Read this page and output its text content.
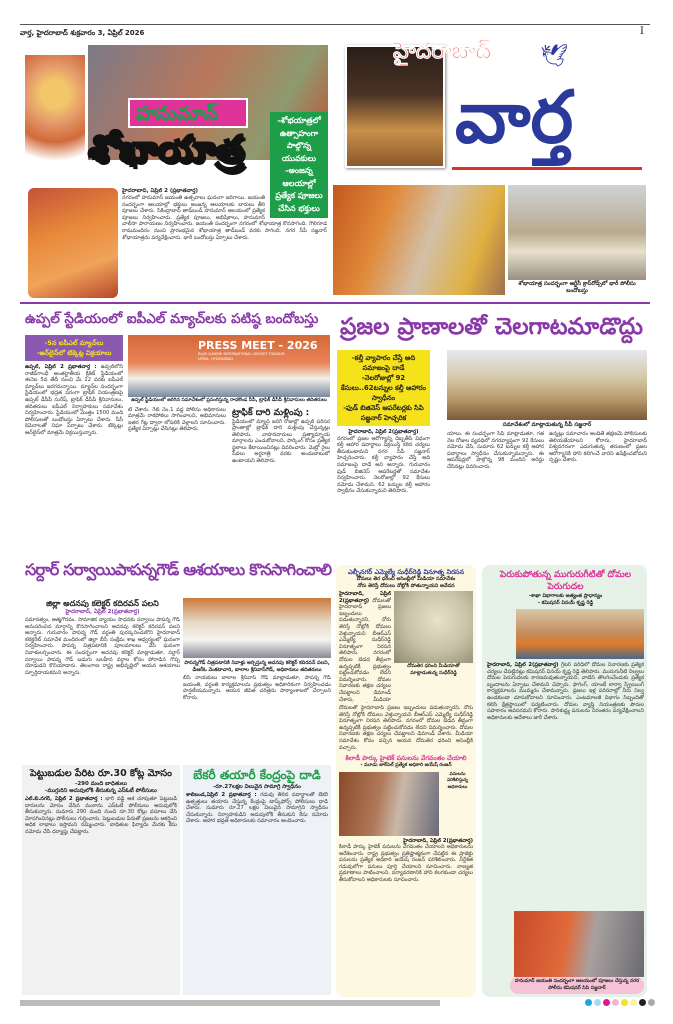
వార్త, హైదరాబాద్ శుక్రవారం 3, ఏప్రిల్ 2026	I
హనుమాన్
శోభాయాత్ర
-శోభయాత్రలో ఉత్సాహంగా పాల్గొన్న యువకులు
-అంజన్న ఆలయాల్లో ప్రత్యేక పూజలు చేసిన భక్తులు
హైదరాబాద్, ఏప్రిల్ 2 (ప్రభాతవార్త)
నగరంలో హనుమాన్ జయంతి ఉత్సవాలు ఘనంగా జరిగాయి. జయంతి సందర్భంగా ఆలయాల్లో భక్తులు అంజన్న ఆలయాలకు బారులు తీరి పూజలు చేశారు. సికింద్రాబాద్ తాడ్‌బండ్ హనుమాన్ ఆలయంలో ప్రత్యేక పూజలు నిర్వహించారు. ప్రత్యేక పూజలు, అభిషేకాలు, హనుమాన్ చాలీసా పారాయణం నిర్వహించారు. జయంతి సందర్భంగా నగరంలో శోభాయాత్ర కొనసాగింది. గౌలిగూడ రామమందిరం నుంచి ప్రారంభమైన శోభాయాత్ర తాడ్‌బండ్ వరకు సాగింది. నగర సీపీ సజ్జనార్ శోభాయాత్రను పర్యవేక్షించారు. భారీ బందోబస్తు ఏర్పాటు చేశారు.
హైదరాబాద్	🕊
వార్త
శోభాయాత్ర సందర్భంగా ఆర్టీసీ క్రాస్‌రోడ్స్‌లో భారీ పోలీసు బందోబస్తు
ఉప్పల్ స్టేడియంలో ఐపీఎల్ మ్యాచ్‌లకు పటిష్ఠ బందోబస్తు
-5న ఐపీఎల్ మ్యాచ్‌లు
-ఆన్‌లైన్‌లో టిక్కెట్ల విక్రయాలు
ఉప్పల్, ఏప్రిల్ 2 ప్రభాతవార్త : ఉప్పల్‌లోని రాజీవ్‌గాంధీ అంతర్జాతీయ క్రికెట్ స్టేడియంలో ఈనెల 5వ తేదీ నుంచి మే 22 వరకు ఐపీఎల్ మ్యాచ్‌లు జరగనున్నాయి. మ్యాచ్‌ల సందర్భంగా స్టేడియంలో భద్రత పరంగా ట్రాఫిక్ నియంత్రణపై ఉప్పల్ డీసీపీ సురేష్, ట్రాఫిక్ డీసీపీ శ్రీనివాసులు, తదితరులు ఐపీఎల్ నిర్వాహకులు సమావేశం నిర్వహించారు. స్టేడియంలో మొత్తం 1500 మంది పోలీసులతో బందోబస్తు ఏర్పాటు చేశారు. సీసీ కెమెరాలతో నిఘా ఏర్పాటు చేశారు. టిక్కెట్లు ఆన్‌లైన్‌లో మాత్రమే విక్రయిస్తున్నారు.
PRESS MEET - 2026
RAJIV GANDHI INTERNATIONAL CRICKET STADIUM UPPAL, HYDERABAD
ఉప్పల్ స్టేడియంలో జరిగిన సమావేశంలో ప్రసంగిస్తున్న రాచకొండ సీపీ, ట్రాఫిక్ డీసీపీ శ్రీనివాసులు తదితరులు
టీ చేశారు. గేట్ నెం.1 వద్ద పోలీసు అధికారులు మాత్రమే రాకపోకలు సాగించాలని, అభిమానులు ఇతర గేట్ల ద్వారా లోపలికి వెళ్లాలని సూచించారు. ప్రత్యేక ఏర్పాట్లు చేసినట్లు తెలిపారు.
ట్రాఫిక్ దారి మళ్లింపు :
స్టేడియంలో మ్యాచ్ జరిగే రోజుల్లో ఉప్పల్ పరిసర ప్రాంతాల్లో ట్రాఫిక్ దారి మళ్లింపు చేస్తున్నట్లు తెలిపారు. వాహనదారులు ప్రత్యామ్నాయ మార్గాలను ఎంచుకోవాలని, పార్కింగ్ కోసం ప్రత్యేక స్థలాలు కేటాయించినట్లు వివరించారు. మెట్రో రైలు సేవలు అర్ధరాత్రి వరకు అందుబాటులో ఉంటాయని తెలిపారు.
ప్రజల ప్రాణాలతో చెలగాటమాడొద్దు
-కల్తీ వ్యాపారం చేస్తే అది సమాజంపై దాడే
-నెలరోజుల్లో 92 కేసులు..62టన్నుల కల్తీ ఆహారం స్వాధీనం
-ఫుడ్ బిజినెస్ ఆపరేటర్లకు సిపి సజ్జనార్ హెచ్చరిక
హైదరాబాద్, ఏప్రిల్ 2(ప్రభాతవార్త)
నగరంలో ప్రజల ఆరోగ్యాన్ని దెబ్బతీసే విధంగా కల్తీ ఆహార పదార్థాలు విక్రయిస్తే కఠిన చర్యలు తీసుకుంటామని నగర సీపీ సజ్జనార్ హెచ్చరించారు. కల్తీ వ్యాపారం చేస్తే అది సమాజంపై దాడే అని అన్నారు. గురువారం ఫుడ్ బిజినెస్ ఆపరేటర్లతో సమావేశం నిర్వహించారు. నెలరోజుల్లో 92 కేసులు నమోదు చేశామని, 62 టన్నుల కల్తీ ఆహారం స్వాధీనం చేసుకున్నామని తెలిపారు.
సమావేశంలో మాట్లాడుతున్న సీపీ సజ్జనార్
యాలు. ఈ సందర్భంగా సీపీ మాట్లాడుతూ, గత నెల రోజుల వ్యవధిలో నగరవ్యాప్తంగా 92 కేసులు నమోదు చేసి, సుమారు 62 టన్నుల కల్తీ ఆహార పదార్థాలు స్వాధీనం చేసుకున్నామన్నారు. ఈ ఆపరేషన్లలో పాల్గొన్న 98 మందిని అరెస్టు చేసినట్లు వివరించారు.
ఉన్నట్లు సమాచారం అందితే తక్షణమే పోలీసులకు తెలియజేయాలని కోరారు. హైదరాబాద్ విశ్వనగరంగా ఎదుగుతున్న తరుణంలో ప్రజల ఆరోగ్యానికి హాని కలిగించే వారిని ఉపేక్షించబోమని స్పష్టం చేశారు.
సర్దార్ సర్వాయిపాపన్నగౌడ్ ఆశయాలు కొనసాగించాలి
జిల్లా అదనపు కలెక్టర్ కదిరవన్ పలని
హైదరాబాద్, ఏప్రిల్ 2(ప్రభాతవార్త)
సమానత్వం, ఆత్మగౌరవం, సామాజిక న్యాయం సాధనకు సర్వాయి పాపన్న గౌడ్ అనుసరించిన మార్గాన్ని కొనసాగించాలని అదనపు కలెక్టర్ కదిరవన్ పలని అన్నారు. గురువారం పాపన్న గౌడ్ వర్ధంతి పురస్కరించుకొని హైదరాబాద్ కలెక్టరేట్ సమావేశ మందిరంలో జిల్లా బీసీ సంక్షేమ శాఖ ఆధ్వర్యంలో ఘనంగా నిర్వహించారు. పాపన్న చిత్రపటానికి పూలమాలలు వేసి ఘనంగా నివాళులర్పించారు. ఈ సందర్భంగా అదనపు కలెక్టర్ మాట్లాడుతూ, సర్దార్ సర్వాయి పాపన్న గౌడ్ బడుగు బలహీన వర్గాల కోసం పోరాడిన గొప్ప యోధుడని కొనియాడారు. తెలంగాణ రాష్ట్ర అభివృద్ధిలో ఆయన ఆశయాలు స్ఫూర్తిదాయకమని అన్నారు.
పాపన్నగౌడ్ చిత్రపటానికి నివాళ్లు అర్పిస్తున్న అదనపు కలెక్టర్ కదిరవన్ పలని, డీఆర్ఓ వెంకటాచారి, బాలాల శ్రీనివాస్‌గౌడ్, అధికారులు తదితరులు
బీసీ నాయకులు బాలాల శ్రీనివాస్ గౌడ్ మాట్లాడుతూ, పాపన్న గౌడ్ జయంతి, వర్ధంతి కార్యక్రమాలను ప్రభుత్వం అధికారికంగా నిర్వహించడం హర్షణీయమన్నారు. ఆయన జీవిత చరిత్రను పాఠ్యాంశాలలో చేర్చాలని కోరారు.
పెట్టుబడుల పేరిట రూ.30 కోట్ల మోసం
-290 మంది బాధితులు
-ముగ్గురిని అదుపులోకి తీసుకున్న ఎస్ఓటీ పోలీసులు
ఎల్.బి.నగర్, ఏప్రిల్ 2 ప్రభాతవార్త : భారీ వడ్డీ ఆశ చూపుతూ పెట్టుబడి దారులను మోసం చేసిన ముఠాను ఎస్ఓటీ పోలీసులు అదుపులోకి తీసుకున్నారు. సుమారు 290 మంది నుంచి రూ.30 కోట్లు వసూలు చేసి మోసగించినట్లు పోలీసులు గుర్తించారు. పెట్టుబడుల పేరుతో ప్రజలను ఆకర్షించి అధిక లాభాలు ఇస్తామని నమ్మించారు. బాధితుల ఫిర్యాదు మేరకు కేసు నమోదు చేసి దర్యాప్తు చేపట్టారు.
బేకరీ తయారీ కేంద్రంపై దాడి
-రూ.27లక్షల విలువైన సామాగ్రి స్వాధీనం
శాలిబండ,ఏప్రిల్ 2 ప్రభాతవార్త : గడువు తీరిన పదార్థాలతో బేకరీ ఉత్పత్తులు తయారు చేస్తున్న కేంద్రంపై టాస్క్‌ఫోర్స్ పోలీసులు దాడి చేశారు. సుమారు రూ.27 లక్షల విలువైన సామాగ్రిని స్వాధీనం చేసుకున్నారు. నిర్వాహకుడిని అదుపులోకి తీసుకుని కేసు నమోదు చేశారు. ఆహార భద్రత అధికారులకు సమాచారం అందించారు.
ఎల్బీనగర్ ఎమ్మెల్యే సుధీర్‌రెడ్డి వినూత్న నిరసన
దోమలు తెర ధరించి అసెంబ్లీలో మీడియా సమావేశం
నోరు తెరిస్తే దోమలు నోట్లోకి పోతున్నాయని ఆవేదన
హైదరాబాద్, ఏప్రిల్ 2(ప్రభాతవార్త) దోమలతో హైదరాబాద్ ప్రజలు ఇబ్బందులు పడుతున్నారని, నోరు తెరిస్తే నోట్లోకి దోమలు వెళ్తున్నాయని బీఆర్ఎస్ ఎమ్మెల్యే సుధీర్‌రెడ్డి వినూత్నంగా నిరసన తెలిపారు. నగరంలో దోమల బెడద తీవ్రంగా ఉన్నప్పటికీ ప్రభుత్వం పట్టించుకోవడం లేదని విమర్శించారు. దోమల నివారణకు తక్షణ చర్యలు చేపట్టాలని డిమాండ్ చేశారు. మీడియా
దోమతెర ధరించి మీడియాతో మాట్లాడుతున్న సుధీర్‌రెడ్డి
దోమలతో హైదరాబాద్ ప్రజలు ఇబ్బందులు పడుతున్నారని, నోరు తెరిస్తే నోట్లోకి దోమలు వెళ్తున్నాయని బీఆర్ఎస్ ఎమ్మెల్యే సుధీర్‌రెడ్డి వినూత్నంగా నిరసన తెలిపారు. నగరంలో దోమల బెడద తీవ్రంగా ఉన్నప్పటికీ ప్రభుత్వం పట్టించుకోవడం లేదని విమర్శించారు. దోమల నివారణకు తక్షణ చర్యలు చేపట్టాలని డిమాండ్ చేశారు. మీడియా సమావేశం కోసం వచ్చిన ఆయన దోమతెర ధరించి అసెంబ్లీకి వచ్చారు.
కిలాడీ పార్కు హైటెక్ పనులను వేగవంతం చేయాలి
- మూడు జాక్‌సెల్ ప్రత్యేక అధికారి జయేష్ రంజన్
పనులను పరిశీలిస్తున్న అధికారులు
హైదరాబాద్, ఏప్రిల్ 2(ప్రభాతవార్త)
కిలాడీ పార్కు హైటెక్ పనులను వేగవంతం చేయాలని అధికారులను ఆదేశించారు. రాష్ట్ర ప్రభుత్వం ప్రతిష్టాత్మకంగా చేపట్టిన ఈ ప్రాజెక్టు పనులను ప్రత్యేక అధికారి జయేష్ రంజన్ పరిశీలించారు. నిర్దేశిత గడువులోగా పనులు పూర్తి చేయాలని సూచించారు. నాణ్యత ప్రమాణాలు పాటించాలని, పర్యావరణానికి హాని కలగకుండా చర్యలు తీసుకోవాలని అధికారులకు సూచించారు.
పెరుకుపోతున్న ముగురుగీటితో దోమల పెరుగుదల
-శాఖా విభాగాలకు అత్యంత ప్రాధాన్యం
- కమిషనర్ వినయ్ కృష్ణ రెడ్డి
హైదరాబాద్, ఏప్రిల్ 2(ప్రభాతవార్త) గ్రేటర్ పరిధిలో దోమల నివారణకు ప్రత్యేక చర్యలు చేపట్టినట్లు కమిషనర్ వినయ్ కృష్ణ రెడ్డి తెలిపారు. మురుగునీటి నిల్వలు దోమల పెరుగుదలకు కారణమవుతున్నాయని, వాటిని తొలగించేందుకు ప్రత్యేక బృందాలను ఏర్పాటు చేశామని చెప్పారు. ఫాగింగ్, యాంటీ లార్వా స్ప్రేయింగ్ కార్యక్రమాలను ముమ్మరం చేశామన్నారు. ప్రజలు ఇళ్ల పరిసరాల్లో నీరు నిల్వ ఉండకుండా చూసుకోవాలని సూచించారు. ఎంటమాలజీ విభాగం సిబ్బందితో కలిసి క్షేత్రస్థాయిలో పర్యటించారు. దోమల వ్యాప్తి నియంత్రణకు పౌరుల సహకారం అవసరమని కోరారు. పారిశుద్ధ్య పనులను నిరంతరం పర్యవేక్షించాలని అధికారులకు ఆదేశాలు జారీ చేశారు.
హనుమాన్ జయంతి సందర్భంగా ఆలయంలో పూజలు చేస్తున్న నగర పోలీసు కమిషనర్ సిపి సజ్జనార్
